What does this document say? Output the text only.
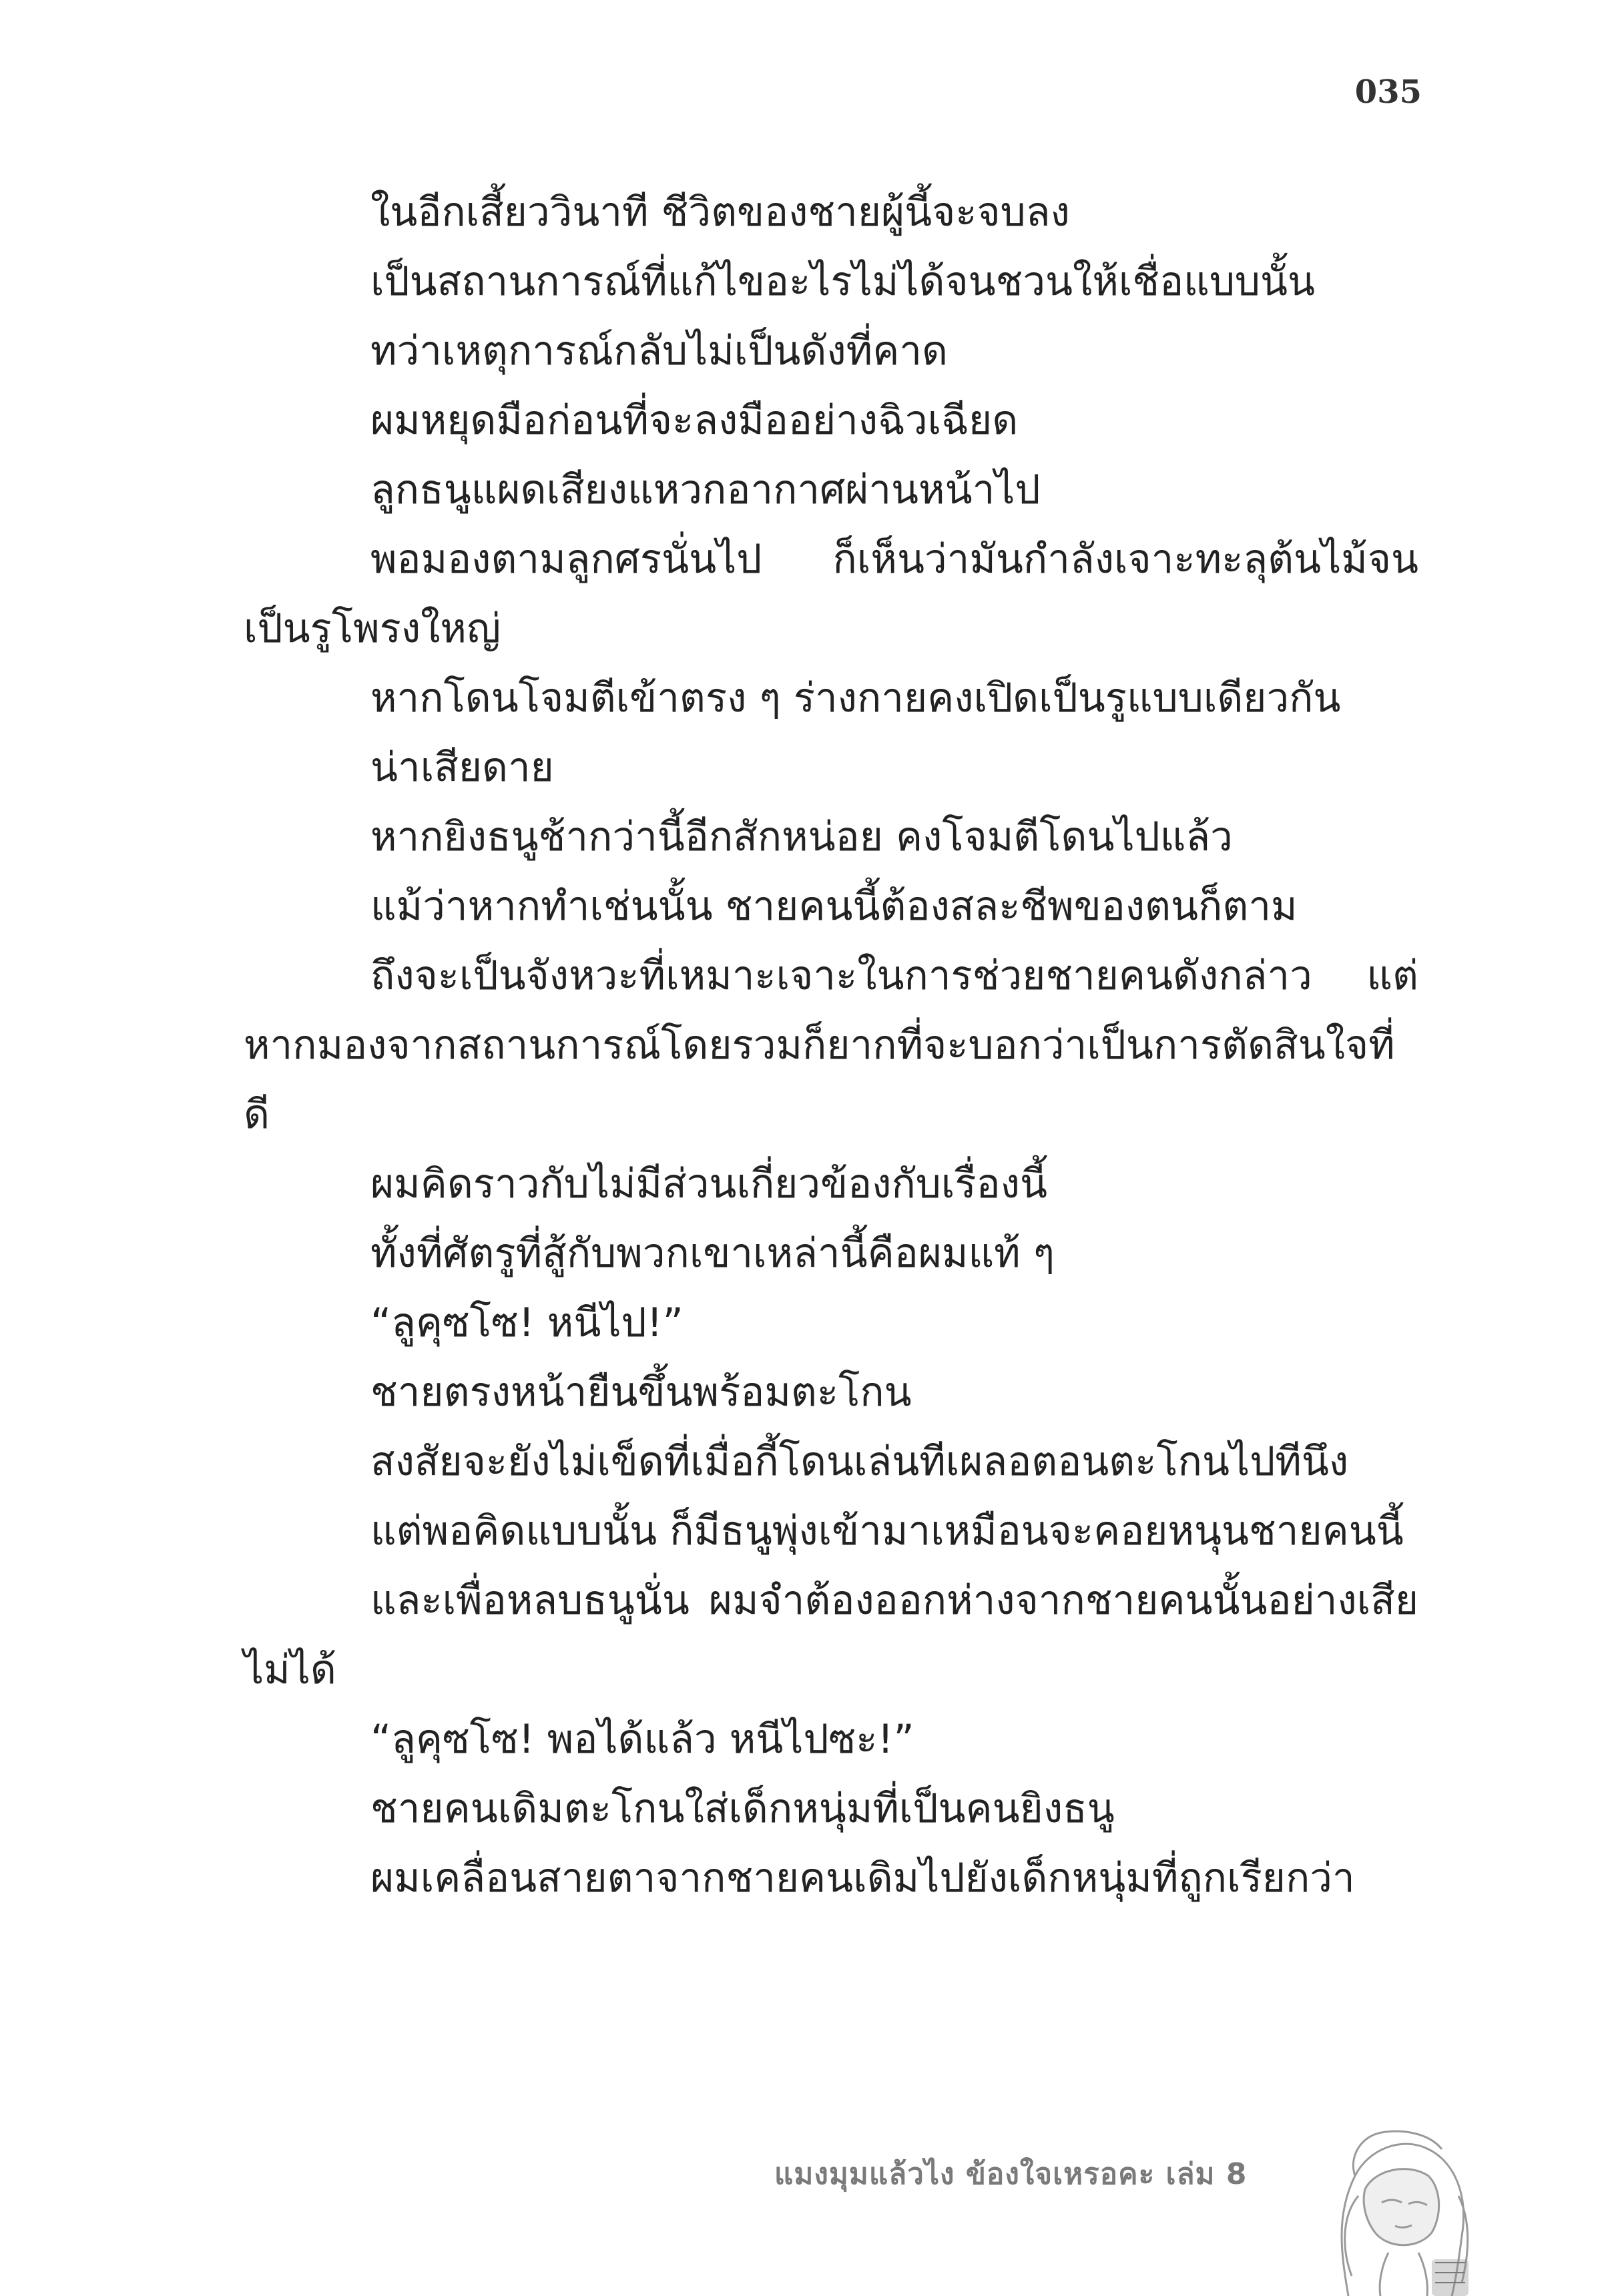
035

ในอีกเสี้ยววินาที ชีวิตของชายผู้นี้จะจบลง

เป็นสถานการณ์ที่แก้ไขอะไรไม่ได้จนชวนให้เชื่อแบบนั้น

ทว่าเหตุการณ์กลับไม่เป็นดังที่คาด

ผมหยุดมือก่อนที่จะลงมืออย่างฉิวเฉียด

ลูกธนูแผดเสียงแหวกอากาศผ่านหน้าไป

พอมองตามลูกศรนั่นไป ก็เห็นว่ามันกำลังเจาะทะลุต้นไม้จนเป็นรูโพรงใหญ่

หากโดนโจมตีเข้าตรง ๆ ร่างกายคงเปิดเป็นรูแบบเดียวกัน

น่าเสียดาย

หากยิงธนูช้ากว่านี้อีกสักหน่อย คงโจมตีโดนไปแล้ว

แม้ว่าหากทำเช่นนั้น ชายคนนี้ต้องสละชีพของตนก็ตาม

ถึงจะเป็นจังหวะที่เหมาะเจาะในการช่วยชายคนดังกล่าว แต่หากมองจากสถานการณ์โดยรวมก็ยากที่จะบอกว่าเป็นการตัดสินใจที่ดี

ผมคิดราวกับไม่มีส่วนเกี่ยวข้องกับเรื่องนี้

ทั้งที่ศัตรูที่สู้กับพวกเขาเหล่านี้คือผมแท้ ๆ

“ลูคุซโซ! หนีไป!”

ชายตรงหน้ายืนขึ้นพร้อมตะโกน

สงสัยจะยังไม่เข็ดที่เมื่อกี้โดนเล่นทีเผลอตอนตะโกนไปทีนึง

แต่พอคิดแบบนั้น ก็มีธนูพุ่งเข้ามาเหมือนจะคอยหนุนชายคนนี้

และเพื่อหลบธนูนั่น ผมจำต้องออกห่างจากชายคนนั้นอย่างเสียไม่ได้

“ลูคุซโซ! พอได้แล้ว หนีไปซะ!”

ชายคนเดิมตะโกนใส่เด็กหนุ่มที่เป็นคนยิงธนู

ผมเคลื่อนสายตาจากชายคนเดิมไปยังเด็กหนุ่มที่ถูกเรียกว่า

แมงมุมแล้วไง ข้องใจเหรอคะ เล่ม 8
